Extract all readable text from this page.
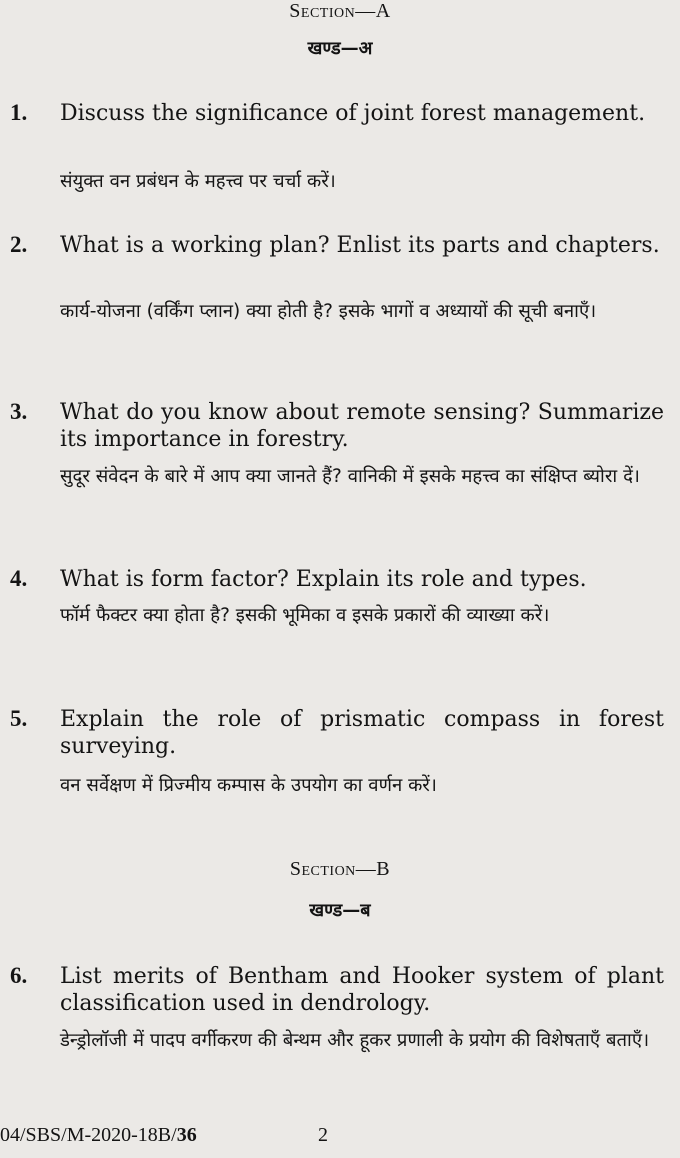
Section—A
खण्ड—अ
1. Discuss the significance of joint forest management.
संयुक्त वन प्रबंधन के महत्त्व पर चर्चा करें।
2. What is a working plan? Enlist its parts and chapters.
कार्य-योजना (वर्किंग प्लान) क्या होती है? इसके भागों व अध्यायों की सूची बनाएँ।
3. What do you know about remote sensing? Summarize its importance in forestry.
सुदूर संवेदन के बारे में आप क्या जानते हैं? वानिकी में इसके महत्त्व का संक्षिप्त ब्योरा दें।
4. What is form factor? Explain its role and types.
फॉर्म फैक्टर क्या होता है? इसकी भूमिका व इसके प्रकारों की व्याख्या करें।
5. Explain the role of prismatic compass in forest surveying.
वन सर्वेक्षण में प्रिज्मीय कम्पास के उपयोग का वर्णन करें।
Section—B
खण्ड—ब
6. List merits of Bentham and Hooker system of plant classification used in dendrology.
डेन्ड्रोलॉजी में पादप वर्गीकरण की बेन्थम और हूकर प्रणाली के प्रयोग की विशेषताएँ बताएँ।
04/SBS/M-2020-18B/36	2
